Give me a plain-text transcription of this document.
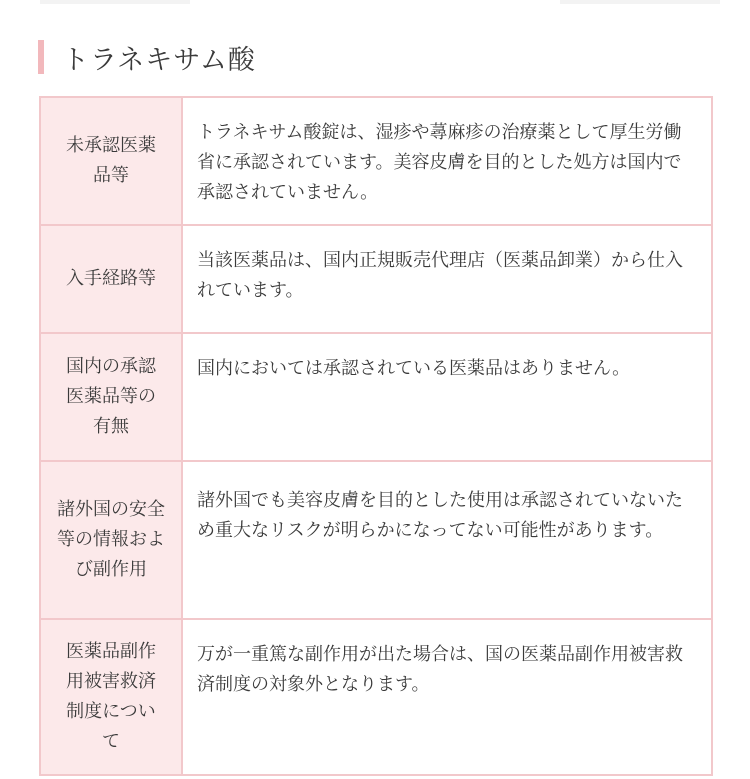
トラネキサム酸
未承認医薬品等	トラネキサム酸錠は、湿疹や蕁麻疹の治療薬として厚生労働省に承認されています。美容皮膚を目的とした処方は国内で承認されていません。

入手経路等	当該医薬品は、国内正規販売代理店（医薬品卸業）から仕入れています。

国内の承認医薬品等の有無	国内においては承認されている医薬品はありません。

諸外国の安全等の情報および副作用	諸外国でも美容皮膚を目的とした使用は承認されていないため重大なリスクが明らかになってない可能性があります。

医薬品副作用被害救済制度について	万が一重篤な副作用が出た場合は、国の医薬品副作用被害救済制度の対象外となります。
